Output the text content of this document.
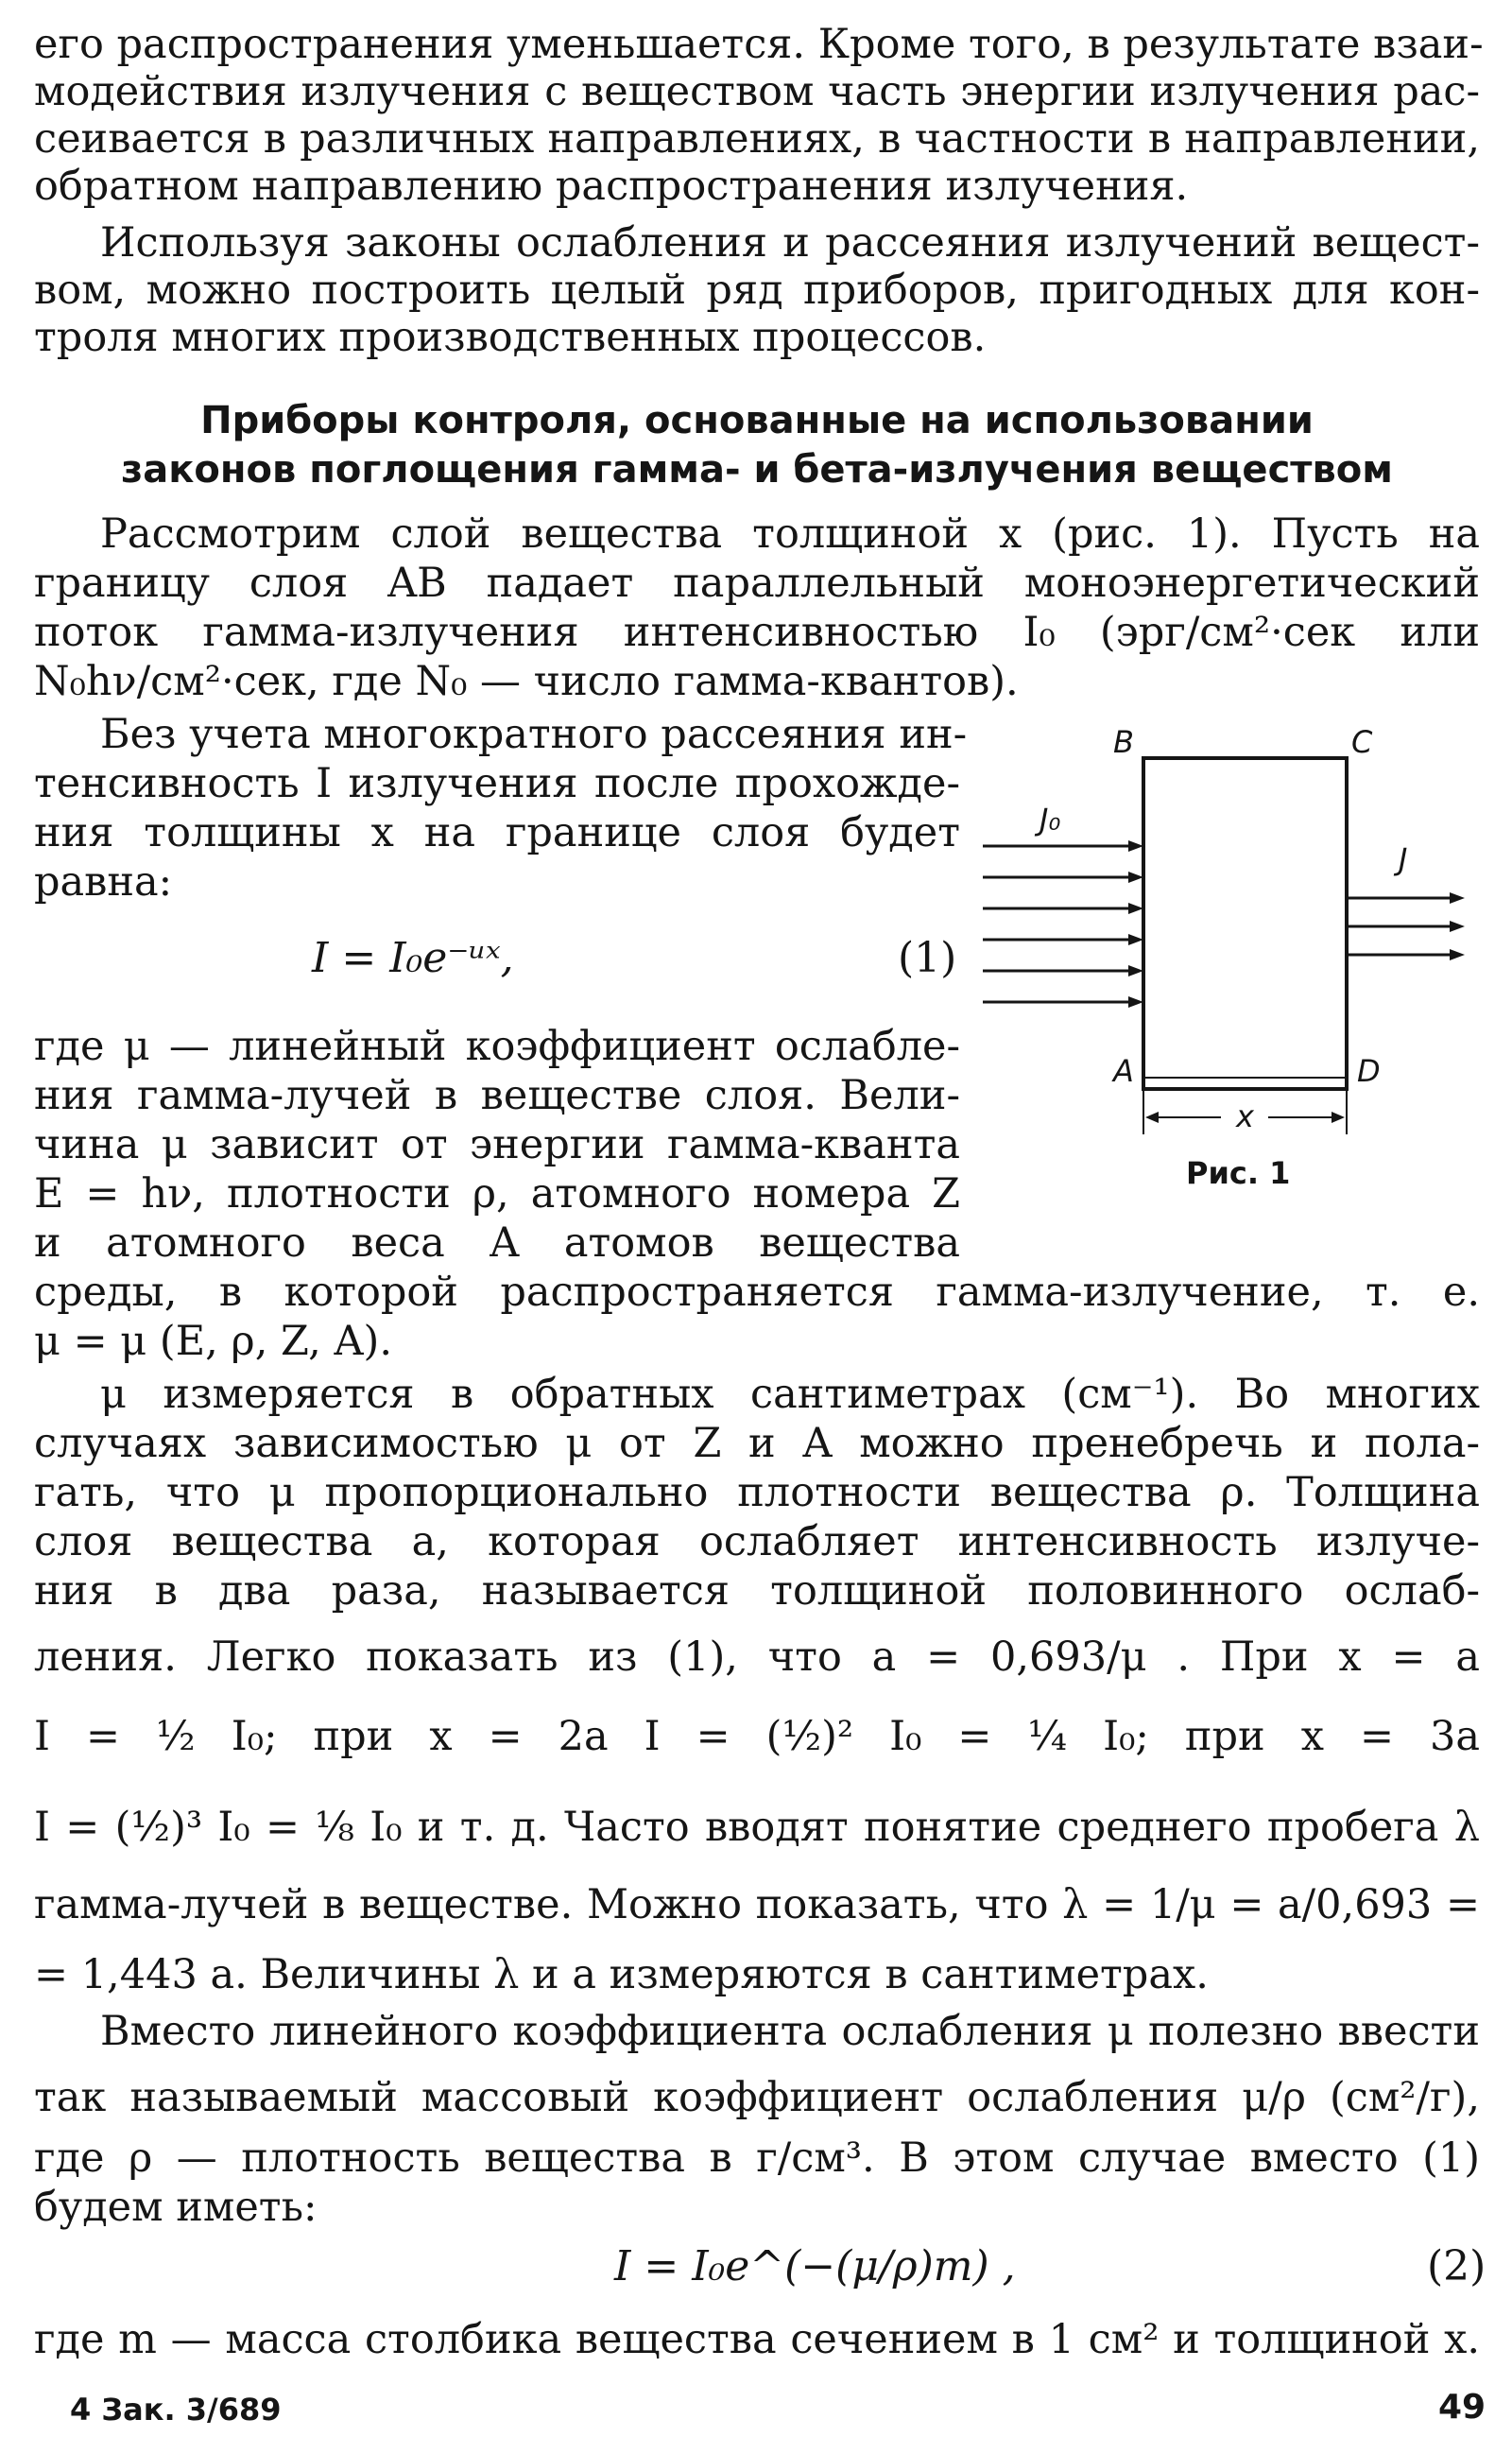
его распространения уменьшается. Кроме того, в результате взаи-
модействия излучения с веществом часть энергии излучения рас-
сеивается в различных направлениях, в частности в направлении,
обратном направлению распространения излучения.
Используя законы ослабления и рассеяния излучений вещест-
вом, можно построить целый ряд приборов, пригодных для кон-
троля многих производственных процессов.
Приборы контроля, основанные на использовании
законов поглощения гамма- и бета-излучения веществом
Рассмотрим слой вещества толщиной x (рис. 1). Пусть на
границу слоя AB падает параллельный моноэнергетический
поток гамма-излучения интенсивностью I₀ (эрг/см²·сек или
N₀hν/см²·сек, где N₀ — число гамма-квантов).
Без учета многократного рассеяния ин-
тенсивность I излучения после прохожде-
ния толщины x на границе слоя будет
равна:
I = I₀e⁻ᵘˣ,	(1)
где μ — линейный коэффициент ослабле-
ния гамма-лучей в веществе слоя. Вели-
чина μ зависит от энергии гамма-кванта
E = hν, плотности ρ, атомного номера Z
и атомного веса A атомов вещества
среды, в которой распространяется гамма-излучение, т. е.
μ = μ (E, ρ, Z, A).
B	C
A	D
J₀
J
x
Рис. 1
μ измеряется в обратных сантиметрах (см⁻¹). Во многих
случаях зависимостью μ от Z и A можно пренебречь и пола-
гать, что μ пропорционально плотности вещества ρ. Толщина
слоя вещества a, которая ослабляет интенсивность излуче-
ния в два раза, называется толщиной половинного ослаб-
ления. Легко показать из (1), что a = 0,693/μ . При x = a
I = ½ I₀; при x = 2a I = (½)² I₀ = ¼ I₀; при x = 3a
I = (½)³ I₀ = ⅛ I₀ и т. д. Часто вводят понятие среднего пробега λ
гамма-лучей в веществе. Можно показать, что λ = 1/μ = a/0,693 =
= 1,443 a. Величины λ и a измеряются в сантиметрах.
Вместо линейного коэффициента ослабления μ полезно ввести
так называемый массовый коэффициент ослабления μ/ρ (см²/г),
где ρ — плотность вещества в г/см³. В этом случае вместо (1)
будем иметь:
I = I₀e^(−(μ/ρ)m) ,	(2)
где m — масса столбика вещества сечением в 1 см² и толщиной x.
4 Зак. 3/689	49
